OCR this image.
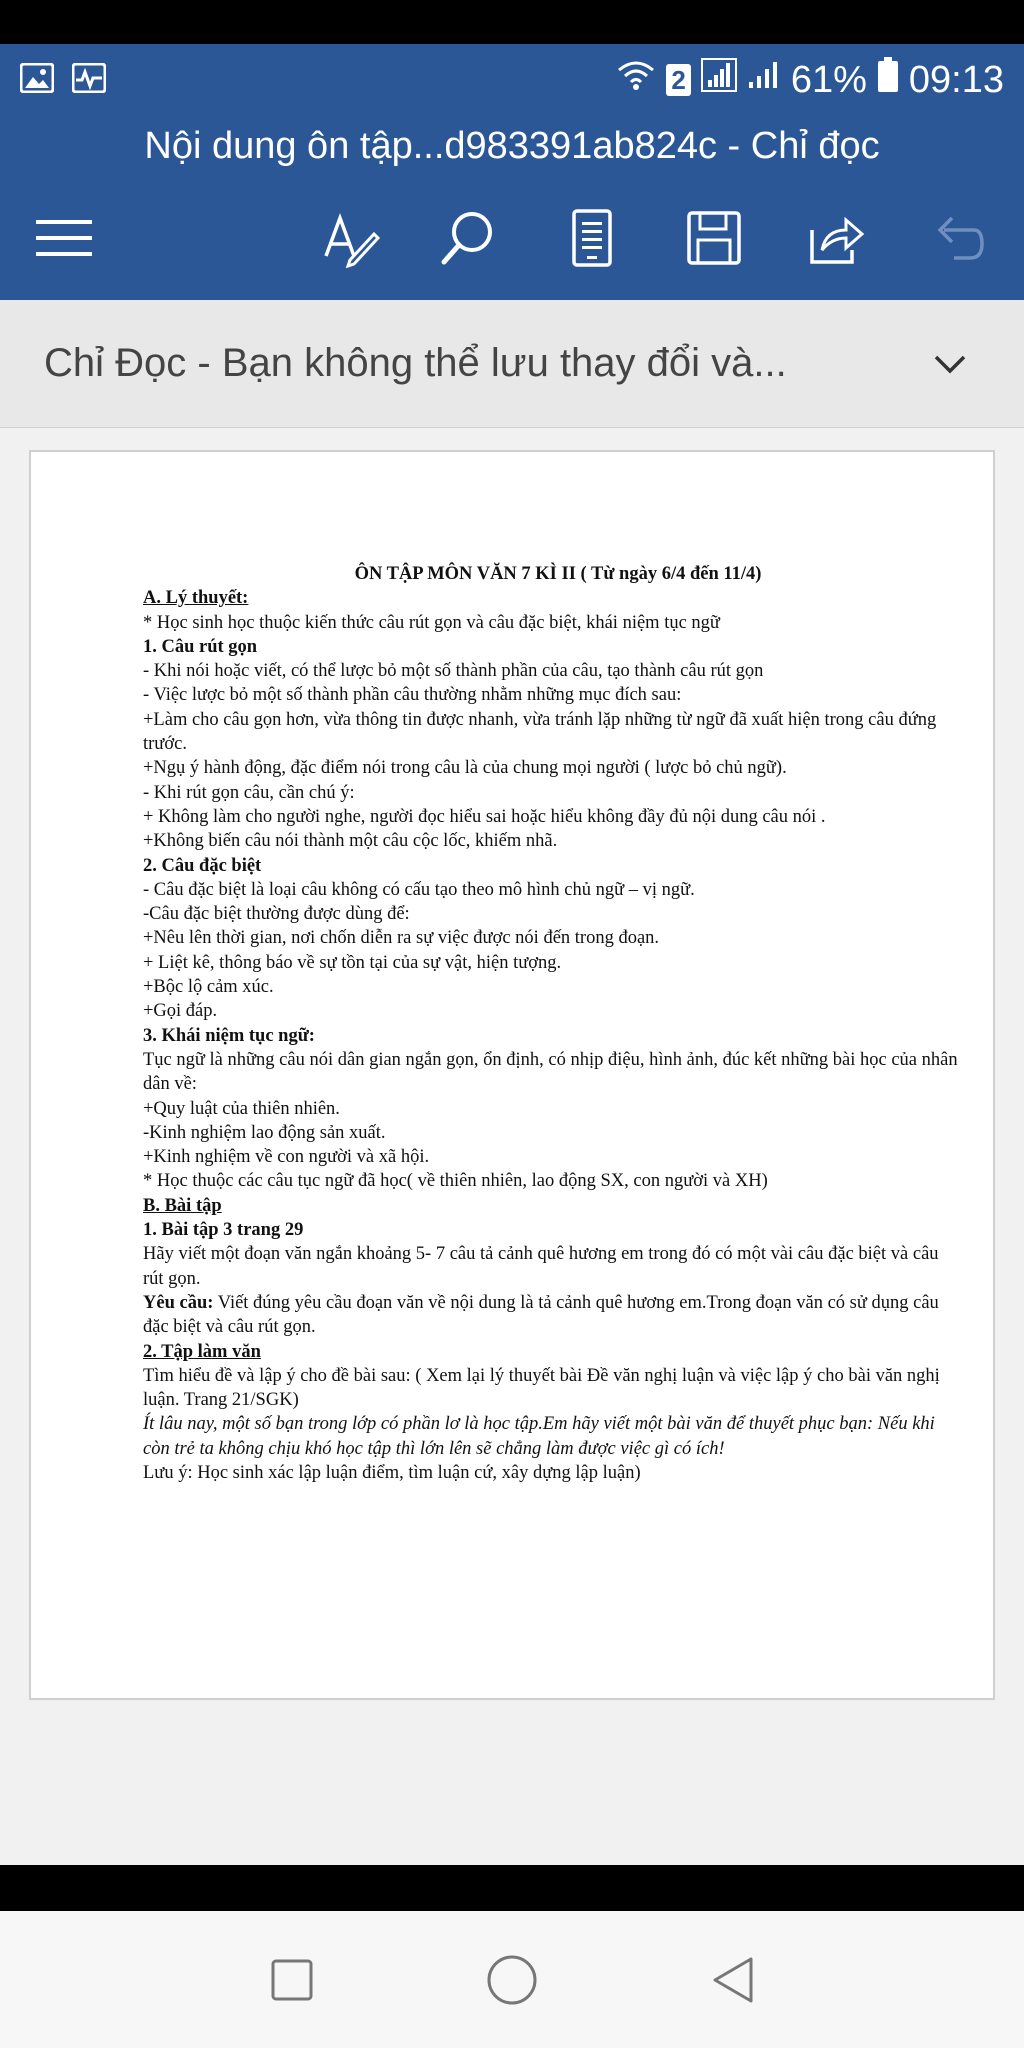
2	61% 09:13
Nội dung ôn tập...d983391ab824c - Chỉ đọc
Chỉ Đọc - Bạn không thể lưu thay đổi và...

ÔN TẬP MÔN VĂN 7 KÌ II ( Từ ngày 6/4 đến 11/4)

A. Lý thuyết:

* Học sinh học thuộc kiến thức câu rút gọn và câu đặc biệt, khái niệm tục ngữ

1. Câu rút gọn

- Khi nói hoặc viết, có thể lược bỏ một số thành phần của câu, tạo thành câu rút gọn

- Việc lược bỏ một số thành phần câu thường nhằm những mục đích sau:

+Làm cho câu gọn hơn, vừa thông tin được nhanh, vừa tránh lặp những từ ngữ đã xuất hiện trong câu đứng trước.

+Ngụ ý hành động, đặc điểm nói trong câu là của chung mọi người ( lược bỏ chủ ngữ).

- Khi rút gọn câu, cần chú ý:

+ Không làm cho người nghe, người đọc hiểu sai hoặc hiểu không đầy đủ nội dung câu nói .

+Không biến câu nói thành một câu cộc lốc, khiếm nhã.

2. Câu đặc biệt

- Câu đặc biệt là loại câu không có cấu tạo theo mô hình chủ ngữ – vị ngữ.

-Câu đặc biệt thường được dùng để:

+Nêu lên thời gian, nơi chốn diễn ra sự việc được nói đến trong đoạn.

+ Liệt kê, thông báo về sự tồn tại của sự vật, hiện tượng.

+Bộc lộ cảm xúc.

+Gọi đáp.

3. Khái niệm tục ngữ:

Tục ngữ là những câu nói dân gian ngắn gọn, ổn định, có nhịp điệu, hình ảnh, đúc kết những bài học của nhân dân về:

+Quy luật của thiên nhiên.

-Kinh nghiệm lao động sản xuất.

+Kinh nghiệm về con người và xã hội.

* Học thuộc các câu tục ngữ đã học( về thiên nhiên, lao động SX, con người và XH)

B. Bài tập

1. Bài tập 3 trang 29

Hãy viết một đoạn văn ngắn khoảng 5- 7 câu tả cảnh quê hương em trong đó có một vài câu đặc biệt và câu rút gọn.

Yêu cầu: Viết đúng yêu cầu đoạn văn về nội dung là tả cảnh quê hương em.Trong đoạn văn có sử dụng câu đặc biệt và câu rút gọn.

2. Tập làm văn

Tìm hiểu đề và lập ý cho đề bài sau: ( Xem lại lý thuyết bài Đề văn nghị luận và việc lập ý cho bài văn nghị luận. Trang 21/SGK)

Ít lâu nay, một số bạn trong lớp có phần lơ là học tập.Em hãy viết một bài văn để thuyết phục bạn: Nếu khi còn trẻ ta không chịu khó học tập thì lớn lên sẽ chẳng làm được việc gì có ích!

Lưu ý: Học sinh xác lập luận điểm, tìm luận cứ, xây dựng lập luận)
